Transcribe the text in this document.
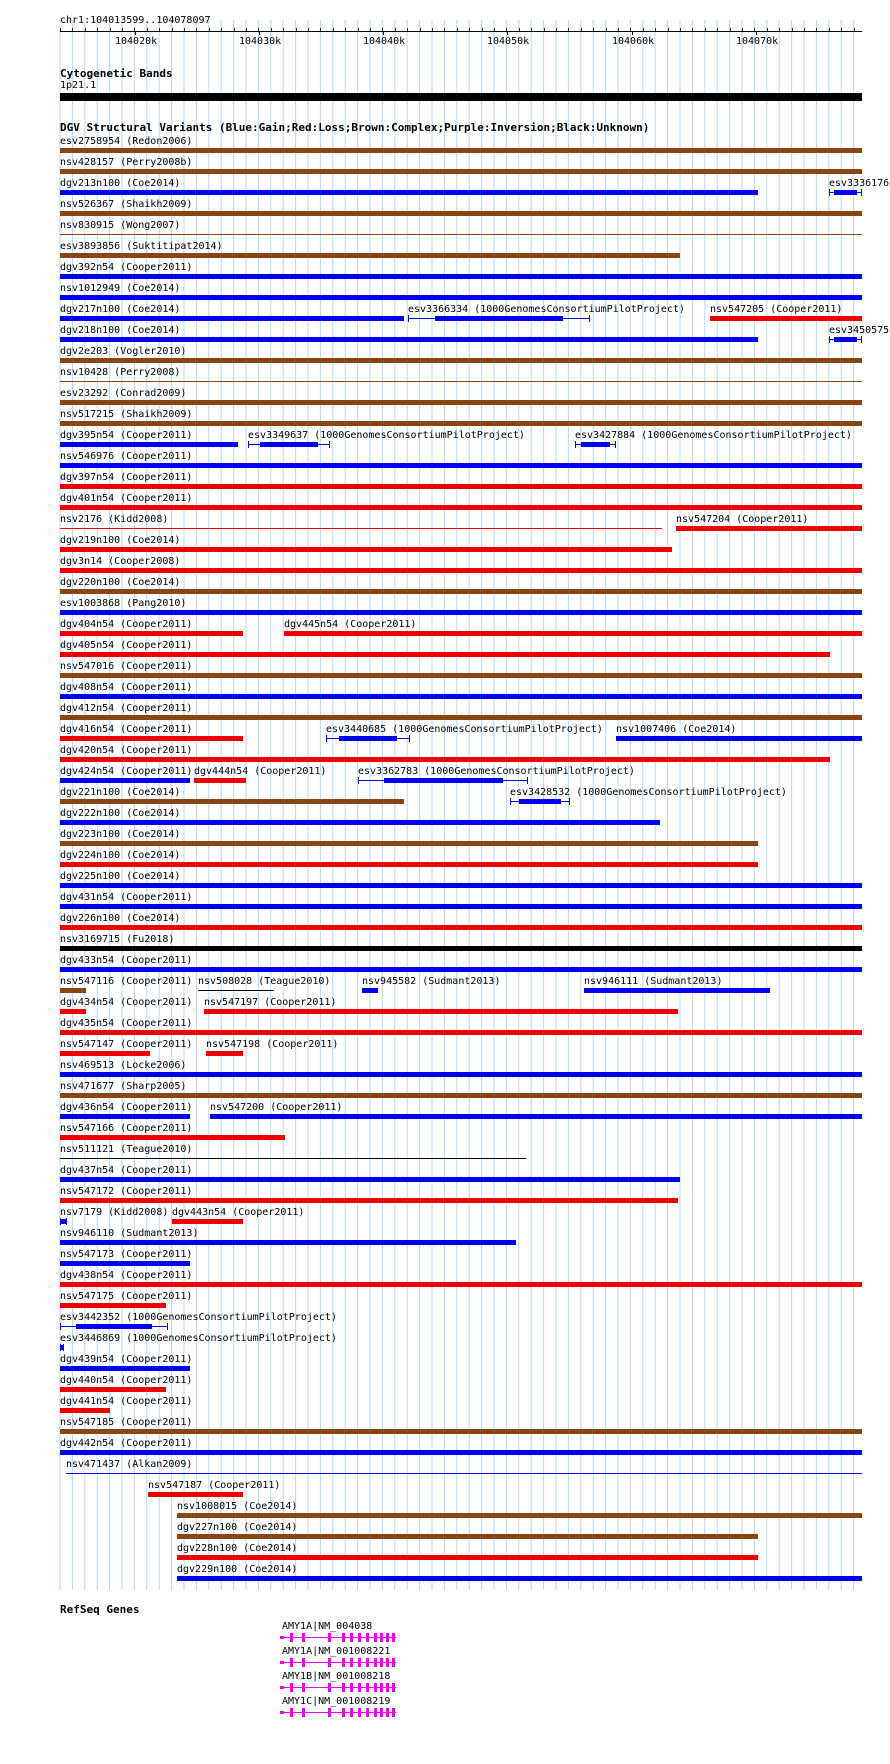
chr1:104013599..104078097
104020k	104030k	104040k	104050k	104060k	104070k
Cytogenetic Bands
1p21.1
DGV Structural Variants (Blue:Gain;Red:Loss;Brown:Complex;Purple:Inversion;Black:Unknown)
esv2758954 (Redon2006)
nsv428157 (Perry2008b)
dgv213n100 (Coe2014)	esv3336176
nsv526367 (Shaikh2009)
nsv830915 (Wong2007)
esv3893856 (Suktitipat2014)
dgv392n54 (Cooper2011)
nsv1012949 (Coe2014)
dgv217n100 (Coe2014)	esv3366334 (1000GenomesConsortiumPilotProject)	nsv547205 (Cooper2011)
dgv218n100 (Coe2014)	esv3450575
dgv2e203 (Vogler2010)
nsv10428 (Perry2008)
esv23292 (Conrad2009)
nsv517215 (Shaikh2009)
dgv395n54 (Cooper2011)	esv3349637 (1000GenomesConsortiumPilotProject)	esv3427884 (1000GenomesConsortiumPilotProject)
nsv546976 (Cooper2011)
dgv397n54 (Cooper2011)
dgv401n54 (Cooper2011)
nsv2176 (Kidd2008)	nsv547204 (Cooper2011)
dgv219n100 (Coe2014)
dgv3n14 (Cooper2008)
dgv220n100 (Coe2014)
esv1003868 (Pang2010)
dgv404n54 (Cooper2011)	dgv445n54 (Cooper2011)
dgv405n54 (Cooper2011)
nsv547016 (Cooper2011)
dgv408n54 (Cooper2011)
dgv412n54 (Cooper2011)
dgv416n54 (Cooper2011)	esv3440685 (1000GenomesConsortiumPilotProject) nsv1007406 (Coe2014)
dgv420n54 (Cooper2011)
dgv424n54 (Cooper2011) dgv444n54 (Cooper2011)	esv3362783 (1000GenomesConsortiumPilotProject)
dgv221n100 (Coe2014)	esv3428532 (1000GenomesConsortiumPilotProject)
dgv222n100 (Coe2014)
dgv223n100 (Coe2014)
dgv224n100 (Coe2014)
dgv225n100 (Coe2014)
dgv431n54 (Cooper2011)
dgv226n100 (Coe2014)
nsv3169715 (Fu2018)
dgv433n54 (Cooper2011)
nsv547116 (Cooper2011) nsv508028 (Teague2010)	nsv945582 (Sudmant2013)	nsv946111 (Sudmant2013)
dgv434n54 (Cooper2011) nsv547197 (Cooper2011)
dgv435n54 (Cooper2011)
nsv547147 (Cooper2011) nsv547198 (Cooper2011)
nsv469513 (Locke2006)
nsv471677 (Sharp2005)
dgv436n54 (Cooper2011) nsv547200 (Cooper2011)
nsv547166 (Cooper2011)
nsv511121 (Teague2010)
dgv437n54 (Cooper2011)
nsv547172 (Cooper2011)
nsv7179 (Kidd2008) dgv443n54 (Cooper2011)
nsv946110 (Sudmant2013)
nsv547173 (Cooper2011)
dgv438n54 (Cooper2011)
nsv547175 (Cooper2011)
esv3442352 (1000GenomesConsortiumPilotProject)
esv3446869 (1000GenomesConsortiumPilotProject)
dgv439n54 (Cooper2011)
dgv440n54 (Cooper2011)
dgv441n54 (Cooper2011)
nsv547185 (Cooper2011)
dgv442n54 (Cooper2011)
nsv471437 (Alkan2009)
nsv547187 (Cooper2011)
nsv1008015 (Coe2014)
dgv227n100 (Coe2014)
dgv228n100 (Coe2014)
dgv229n100 (Coe2014)
RefSeq Genes
AMY1A|NM_004038
AMY1A|NM_001008221
AMY1B|NM_001008218
AMY1C|NM_001008219
